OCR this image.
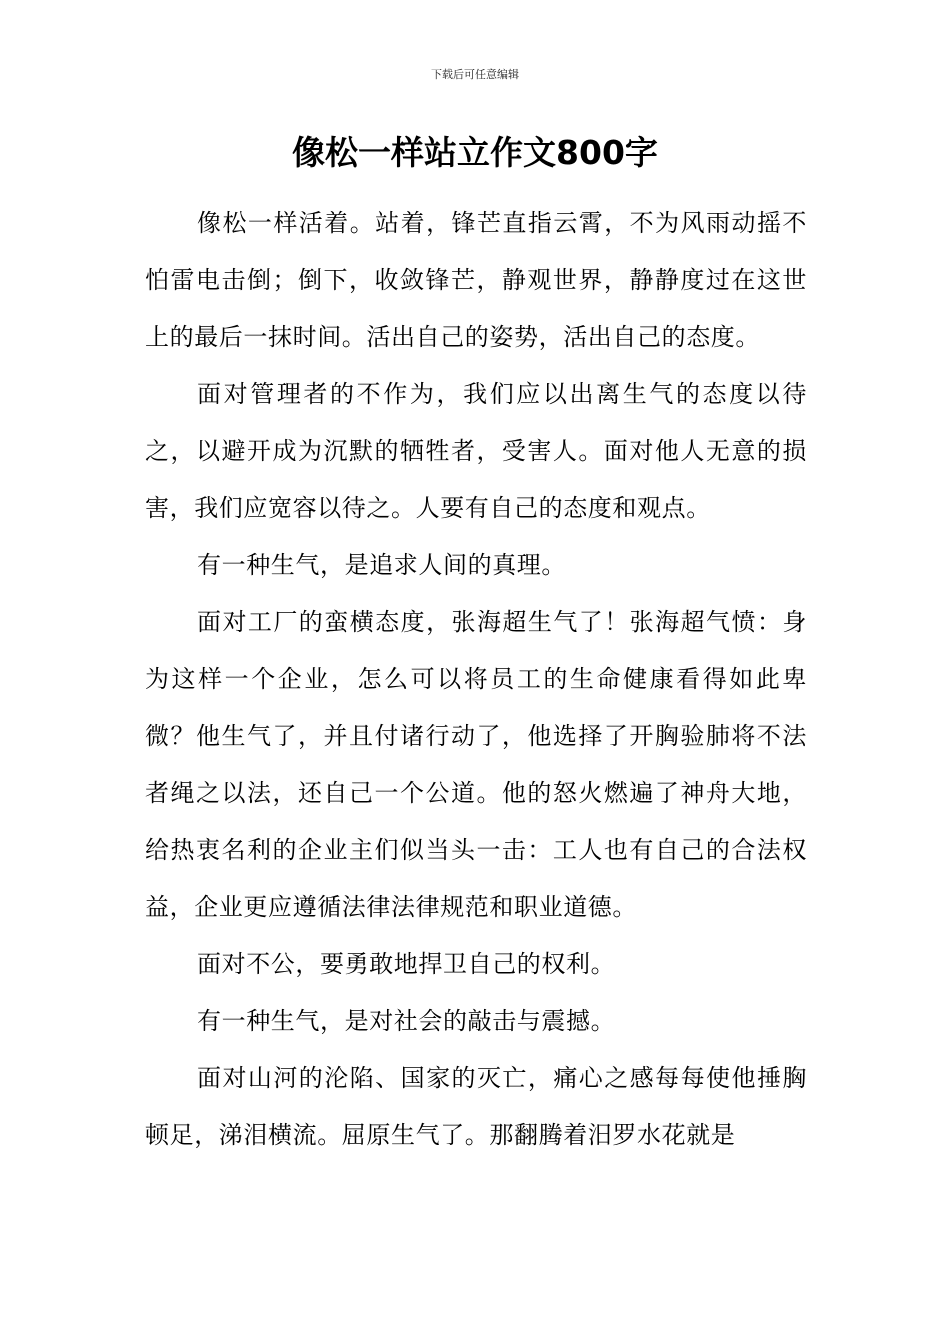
下载后可任意编辑
像松一样站立作文800字

像松一样活着。站着，锋芒直指云霄，不为风雨动摇不怕雷电击倒；倒下，收敛锋芒，静观世界，静静度过在这世上的最后一抹时间。活出自己的姿势，活出自己的态度。

面对管理者的不作为，我们应以出离生气的态度以待之，以避开成为沉默的牺牲者，受害人。面对他人无意的损害，我们应宽容以待之。人要有自己的态度和观点。

有一种生气，是追求人间的真理。

面对工厂的蛮横态度，张海超生气了！张海超气愤：身为这样一个企业，怎么可以将员工的生命健康看得如此卑微？他生气了，并且付诸行动了，他选择了开胸验肺将不法者绳之以法，还自己一个公道。他的怒火燃遍了神舟大地，给热衷名利的企业主们似当头一击：工人也有自己的合法权益，企业更应遵循法律法律规范和职业道德。

面对不公，要勇敢地捍卫自己的权利。

有一种生气，是对社会的敲击与震撼。

面对山河的沦陷、国家的灭亡，痛心之感每每使他捶胸顿足，涕泪横流。屈原生气了。那翻腾着汨罗水花就是
